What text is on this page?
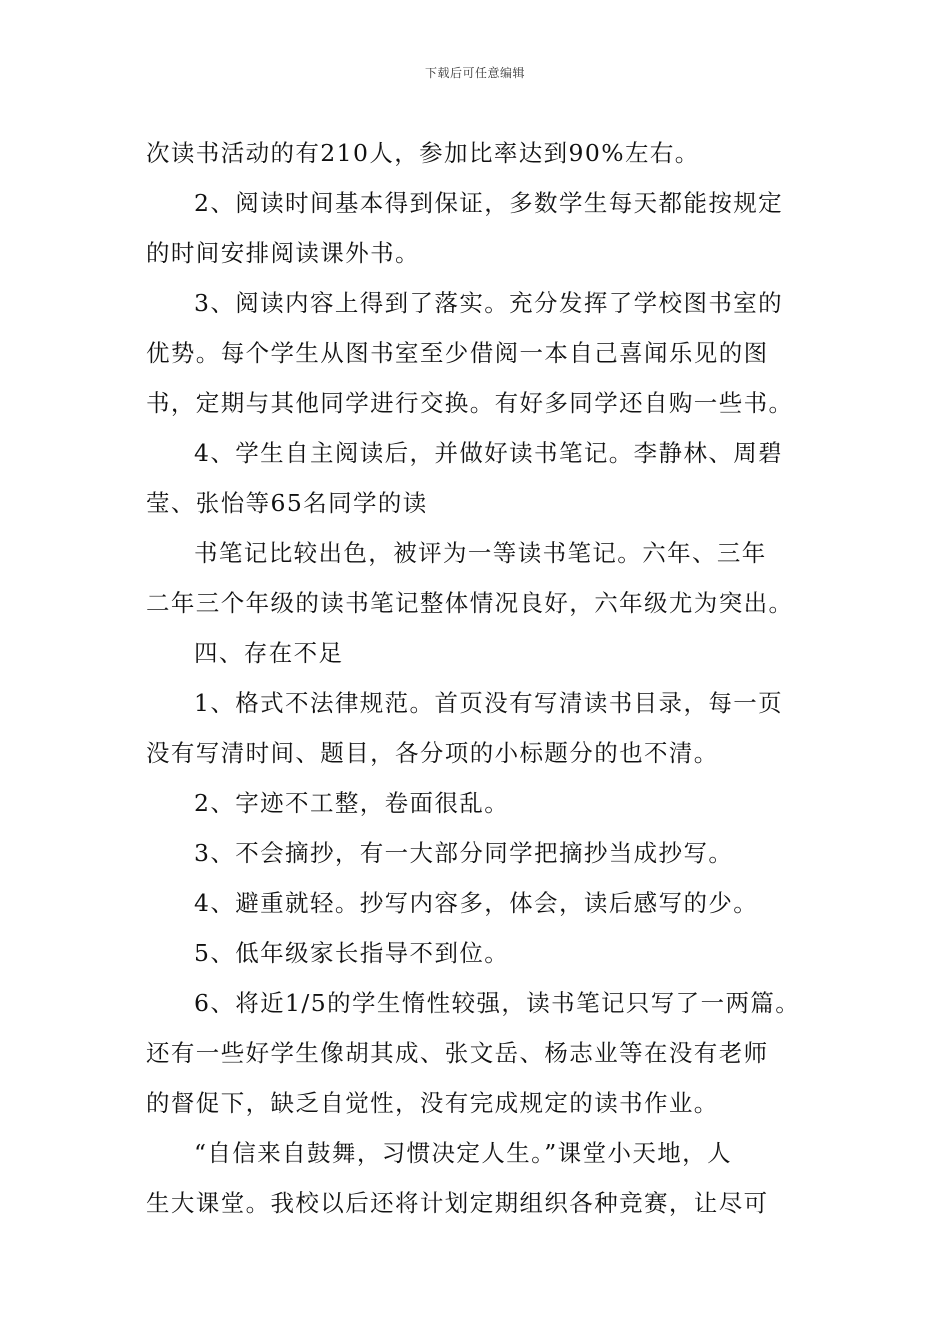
下载后可任意编辑
次读书活动的有210人，参加比率达到90%左右。
2、阅读时间基本得到保证，多数学生每天都能按规定
的时间安排阅读课外书。
3、阅读内容上得到了落实。充分发挥了学校图书室的
优势。每个学生从图书室至少借阅一本自己喜闻乐见的图
书，定期与其他同学进行交换。有好多同学还自购一些书。
4、学生自主阅读后，并做好读书笔记。李静林、周碧
莹、张怡等65名同学的读
书笔记比较出色，被评为一等读书笔记。六年、三年
二年三个年级的读书笔记整体情况良好，六年级尤为突出。
四、存在不足
1、格式不法律规范。首页没有写清读书目录，每一页
没有写清时间、题目，各分项的小标题分的也不清。
2、字迹不工整，卷面很乱。
3、不会摘抄，有一大部分同学把摘抄当成抄写。
4、避重就轻。抄写内容多，体会，读后感写的少。
5、低年级家长指导不到位。
6、将近1/5的学生惰性较强，读书笔记只写了一两篇。
还有一些好学生像胡其成、张文岳、杨志业等在没有老师
的督促下，缺乏自觉性，没有完成规定的读书作业。
“自信来自鼓舞，习惯决定人生。”课堂小天地，人
生大课堂。我校以后还将计划定期组织各种竞赛，让尽可
